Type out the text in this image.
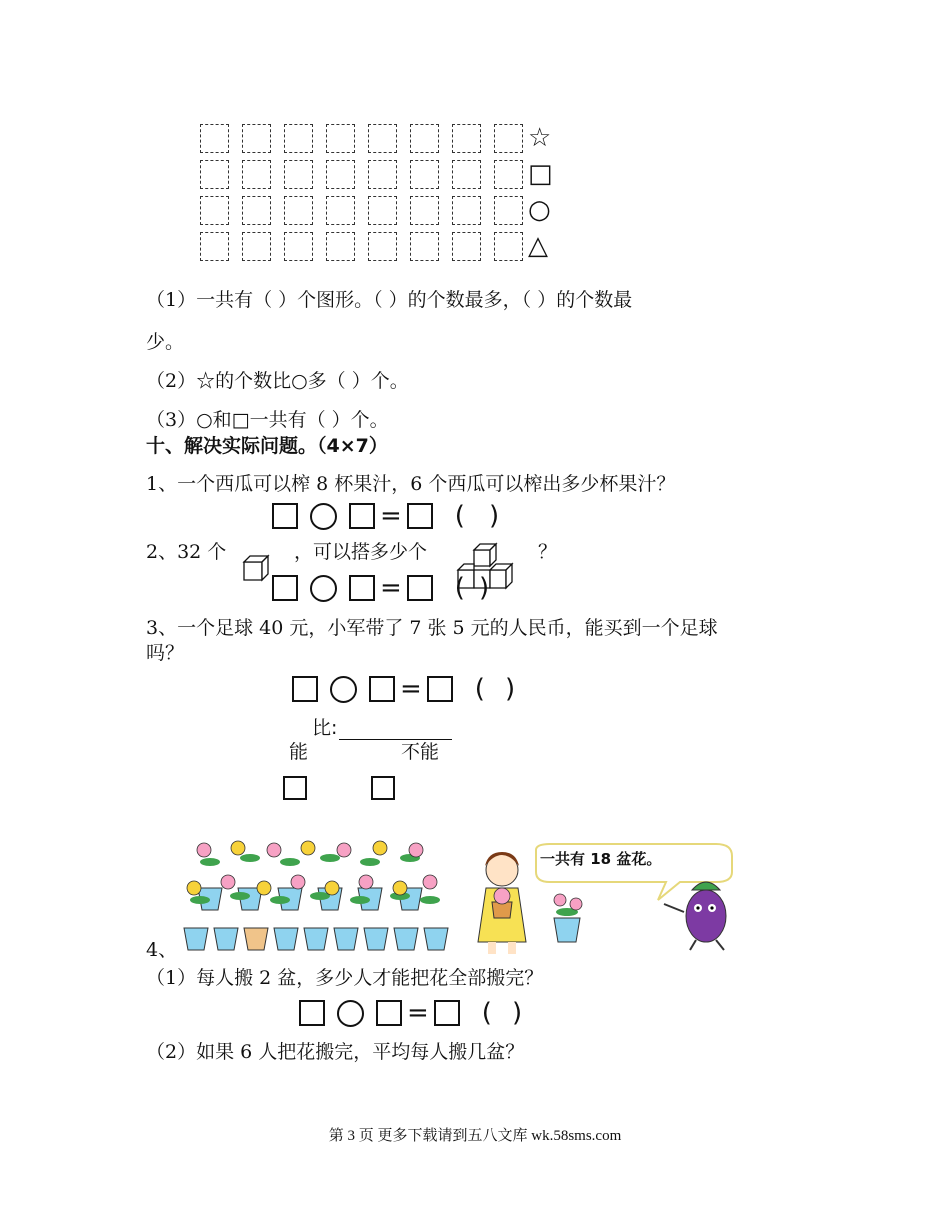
☆
□
○
△
（1）一共有（ ）个图形。（ ）的个数最多，（ ）的个数最
少。
（2）☆的个数比○多（ ）个。
（3）○和□一共有（ ）个。
十、解决实际问题。（4×7）
1、一个西瓜可以榨 8 杯果汁，6 个西瓜可以榨出多少杯果汁？
= ( )
2、32 个	，可以搭多少个	？
= ( )
3、一个足球 40 元，小军带了 7 张 5 元的人民币，能买到一个足球
吗？
= ( )
比:
能	不能
4、
一共有 18 盆花。
（1）每人搬 2 盆，多少人才能把花全部搬完？
= ( )
（2）如果 6 人把花搬完，平均每人搬几盆？
第 3 页 更多下载请到五八文库 wk.58sms.com
